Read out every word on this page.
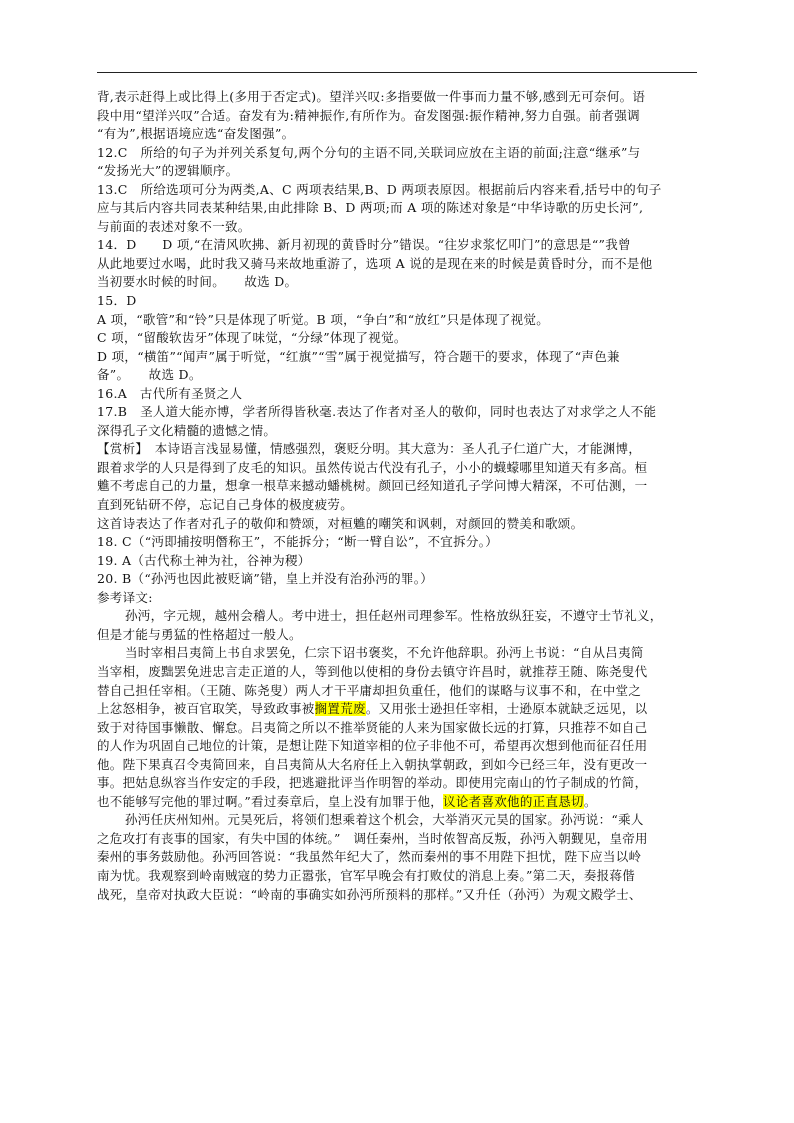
背,表示赶得上或比得上(多用于否定式)。望洋兴叹:多指要做一件事而力量不够,感到无可奈何。语
段中用“望洋兴叹”合适。奋发有为:精神振作,有所作为。奋发图强:振作精神,努力自强。前者强调
“有为”,根据语境应选“奋发图强”。
12.C　所给的句子为并列关系复句,两个分句的主语不同,关联词应放在主语的前面;注意“继承”与
“发扬光大”的逻辑顺序。
13.C　所给选项可分为两类,A、C 两项表结果,B、D 两项表原因。根据前后内容来看,括号中的句子
应与其后内容共同表某种结果,由此排除 B、D 两项;而 A 项的陈述对象是“中华诗歌的历史长河”,
与前面的表述对象不一致。
14．D　　D 项,“在清风吹拂、新月初现的黄昏时分”错误。“往岁求浆忆叩门”的意思是“”我曾
从此地要过水喝，此时我又骑马来故地重游了，选项 A 说的是现在来的时候是黄昏时分，而不是他
当初要水时候的时间。　　故选 D。
15．D
A 项，“歌管”和“铃”只是体现了听觉。B 项，“争白”和“放红”只是体现了视觉。
C 项，“留酸软齿牙”体现了味觉，“分绿”体现了视觉。
D 项，“横笛”“闻声”属于听觉，“红旗”“雪”属于视觉描写，符合题干的要求，体现了“声色兼
备”。　　故选 D。
16.A　古代所有圣贤之人
17.B　圣人道大能亦博，学者所得皆秋毫.表达了作者对圣人的敬仰，同时也表达了对求学之人不能
深得孔子文化精髓的遗憾之情。
【赏析】　本诗语言浅显易懂，情感强烈，褒贬分明。其大意为：圣人孔子仁道广大，才能渊博，
跟着求学的人只是得到了皮毛的知识。虽然传说古代没有孔子，小小的蠛蠓哪里知道天有多高。桓
魋不考虑自己的力量，想拿一根草来撼动蟠桃树。颜回已经知道孔子学问博大精深，不可估测，一
直到死钻研不停，忘记自己身体的极度疲劳。
这首诗表达了作者对孔子的敬仰和赞颂，对桓魋的嘲笑和讽刺，对颜回的赞美和歌颂。
18. C（“沔即捕按明僭称王”，不能拆分；“断一臂自讼”，不宜拆分。）
19. A（古代称土神为社，谷神为稷）
20. B（“孙沔也因此被贬谪”错，皇上并没有治孙沔的罪。）
参考译文:
孙沔，字元规，越州会稽人。考中进士，担任赵州司理参军。性格放纵狂妄，不遵守士节礼义，
但是才能与勇猛的性格超过一般人。
当时宰相吕夷简上书自求罢免，仁宗下诏书褒奖，不允许他辞职。孙沔上书说：“自从吕夷简
当宰相，废黜罢免进忠言走正道的人，等到他以使相的身份去镇守许昌时，就推荐王随、陈尧叟代
替自己担任宰相。（王随、陈尧叟）两人才干平庸却担负重任，他们的谋略与议事不和，在中堂之
上忿怒相争，被百官取笑，导致政事被搁置荒废。又用张士逊担任宰相，士逊原本就缺乏远见，以
致于对待国事懒散、懈怠。吕夷简之所以不推举贤能的人来为国家做长远的打算，只推荐不如自己
的人作为巩固自己地位的计策，是想让陛下知道宰相的位子非他不可，希望再次想到他而征召任用
他。陛下果真召令夷简回来，自吕夷简从大名府任上入朝执掌朝政，到如今已经三年，没有更改一
事。把姑息纵容当作安定的手段，把逃避批评当作明智的举动。即使用完南山的竹子制成的竹简，
也不能够写完他的罪过啊。”看过奏章后，皇上没有加罪于他，议论者喜欢他的正直恳切。
孙沔任庆州知州。元昊死后，将领们想乘着这个机会，大举消灭元昊的国家。孙沔说：“乘人
之危攻打有丧事的国家，有失中国的体统。”　调任秦州，当时侬智高反叛，孙沔入朝觐见，皇帝用
秦州的事务鼓励他。孙沔回答说：“我虽然年纪大了，然而秦州的事不用陛下担忧，陛下应当以岭
南为忧。我观察到岭南贼寇的势力正嚣张，官军早晚会有打败仗的消息上奏。”第二天，奏报蒋偕
战死，皇帝对执政大臣说：“岭南的事确实如孙沔所预料的那样。”又升任（孙沔）为观文殿学士、
